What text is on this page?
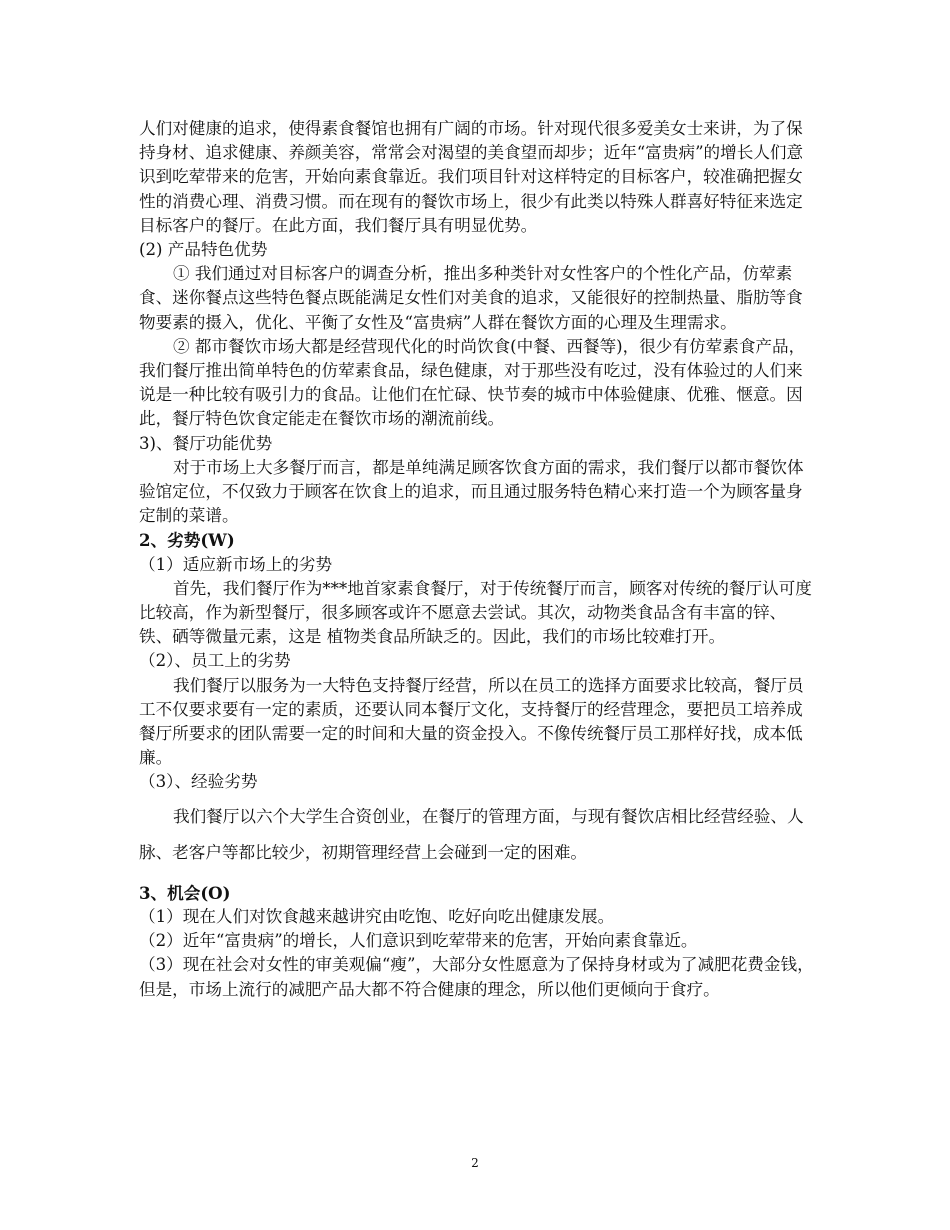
人们对健康的追求，使得素食餐馆也拥有广阔的市场。针对现代很多爱美女士来讲，为了保持身材、追求健康、养颜美容，常常会对渴望的美食望而却步；近年“富贵病”的增长人们意识到吃荤带来的危害，开始向素食靠近。我们项目针对这样特定的目标客户，较准确把握女性的消费心理、消费习惯。而在现有的餐饮市场上，很少有此类以特殊人群喜好特征来选定目标客户的餐厅。在此方面，我们餐厅具有明显优势。

(2) 产品特色优势

① 我们通过对目标客户的调查分析，推出多种类针对女性客户的个性化产品，仿荤素食、迷你餐点这些特色餐点既能满足女性们对美食的追求，又能很好的控制热量、脂肪等食物要素的摄入，优化、平衡了女性及“富贵病”人群在餐饮方面的心理及生理需求。

② 都市餐饮市场大都是经营现代化的时尚饮食(中餐、西餐等)，很少有仿荤素食产品，我们餐厅推出简单特色的仿荤素食品，绿色健康，对于那些没有吃过，没有体验过的人们来说是一种比较有吸引力的食品。让他们在忙碌、快节奏的城市中体验健康、优雅、惬意。因此，餐厅特色饮食定能走在餐饮市场的潮流前线。

3)、餐厅功能优势

对于市场上大多餐厅而言，都是单纯满足顾客饮食方面的需求，我们餐厅以都市餐饮体验馆定位，不仅致力于顾客在饮食上的追求，而且通过服务特色精心来打造一个为顾客量身定制的菜谱。

2、劣势(W)

（1）适应新市场上的劣势

首先，我们餐厅作为***地首家素食餐厅，对于传统餐厅而言，顾客对传统的餐厅认可度比较高，作为新型餐厅，很多顾客或许不愿意去尝试。其次，动物类食品含有丰富的锌、铁、硒等微量元素，这是 植物类食品所缺乏的。因此，我们的市场比较难打开。

（2）、员工上的劣势

我们餐厅以服务为一大特色支持餐厅经营，所以在员工的选择方面要求比较高，餐厅员工不仅要求要有一定的素质，还要认同本餐厅文化，支持餐厅的经营理念，要把员工培养成餐厅所要求的团队需要一定的时间和大量的资金投入。不像传统餐厅员工那样好找，成本低廉。

（3）、经验劣势

我们餐厅以六个大学生合资创业，在餐厅的管理方面，与现有餐饮店相比经营经验、人脉、老客户等都比较少，初期管理经营上会碰到一定的困难。

3、机会(O)

（1）现在人们对饮食越来越讲究由吃饱、吃好向吃出健康发展。

（2）近年“富贵病”的增长，人们意识到吃荤带来的危害，开始向素食靠近。

（3）现在社会对女性的审美观偏“瘦”，大部分女性愿意为了保持身材或为了减肥花费金钱，但是，市场上流行的减肥产品大都不符合健康的理念，所以他们更倾向于食疗。

2
